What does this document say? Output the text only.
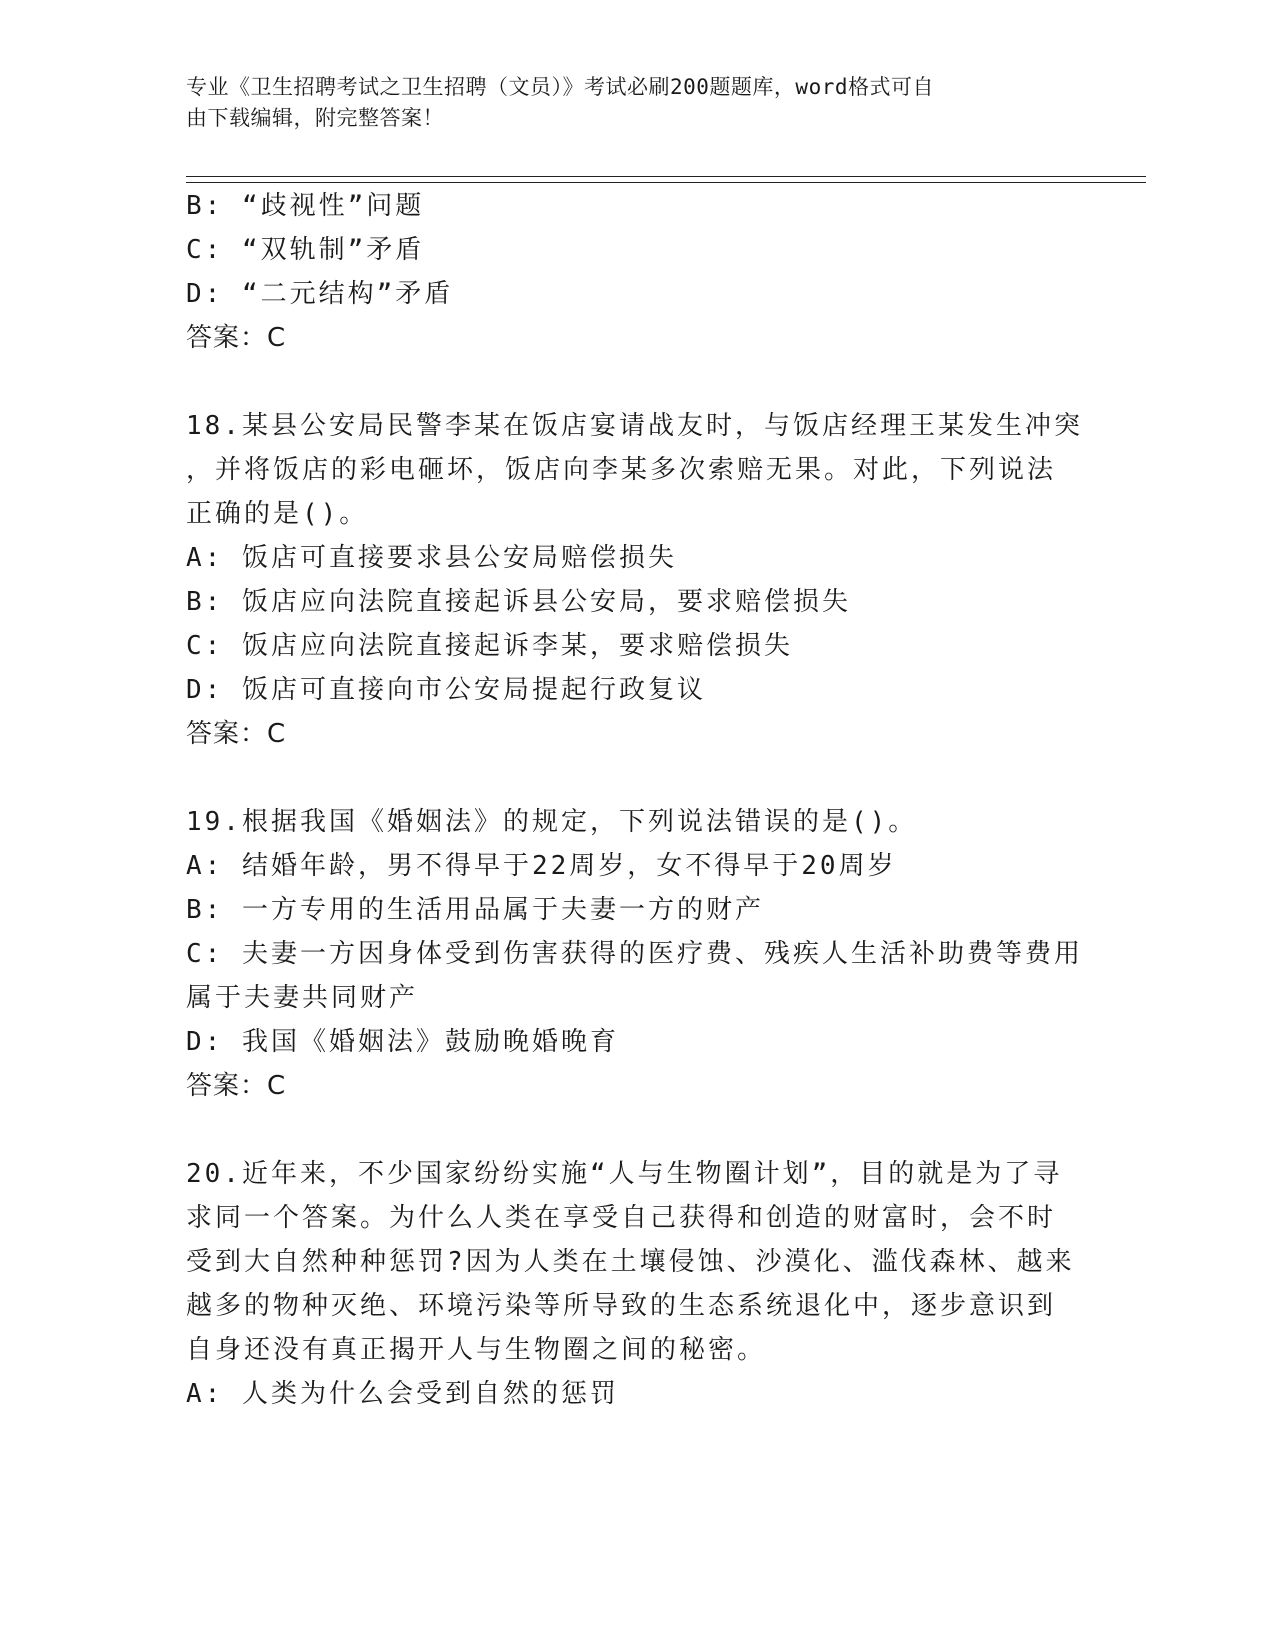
专业《卫生招聘考试之卫生招聘（文员）》考试必刷200题题库，word格式可自
由下载编辑，附完整答案！
B: “歧视性”问题
C: “双轨制”矛盾
D: “二元结构”矛盾
答案：C
18.某县公安局民警李某在饭店宴请战友时，与饭店经理王某发生冲突
，并将饭店的彩电砸坏，饭店向李某多次索赔无果。对此，下列说法
正确的是()。
A: 饭店可直接要求县公安局赔偿损失
B: 饭店应向法院直接起诉县公安局，要求赔偿损失
C: 饭店应向法院直接起诉李某，要求赔偿损失
D: 饭店可直接向市公安局提起行政复议
答案：C
19.根据我国《婚姻法》的规定，下列说法错误的是()。
A: 结婚年龄，男不得早于22周岁，女不得早于20周岁
B: 一方专用的生活用品属于夫妻一方的财产
C: 夫妻一方因身体受到伤害获得的医疗费、残疾人生活补助费等费用
属于夫妻共同财产
D: 我国《婚姻法》鼓励晚婚晚育
答案：C
20.近年来，不少国家纷纷实施“人与生物圈计划”，目的就是为了寻
求同一个答案。为什么人类在享受自己获得和创造的财富时，会不时
受到大自然种种惩罚?因为人类在土壤侵蚀、沙漠化、滥伐森林、越来
越多的物种灭绝、环境污染等所导致的生态系统退化中，逐步意识到
自身还没有真正揭开人与生物圈之间的秘密。
A: 人类为什么会受到自然的惩罚
